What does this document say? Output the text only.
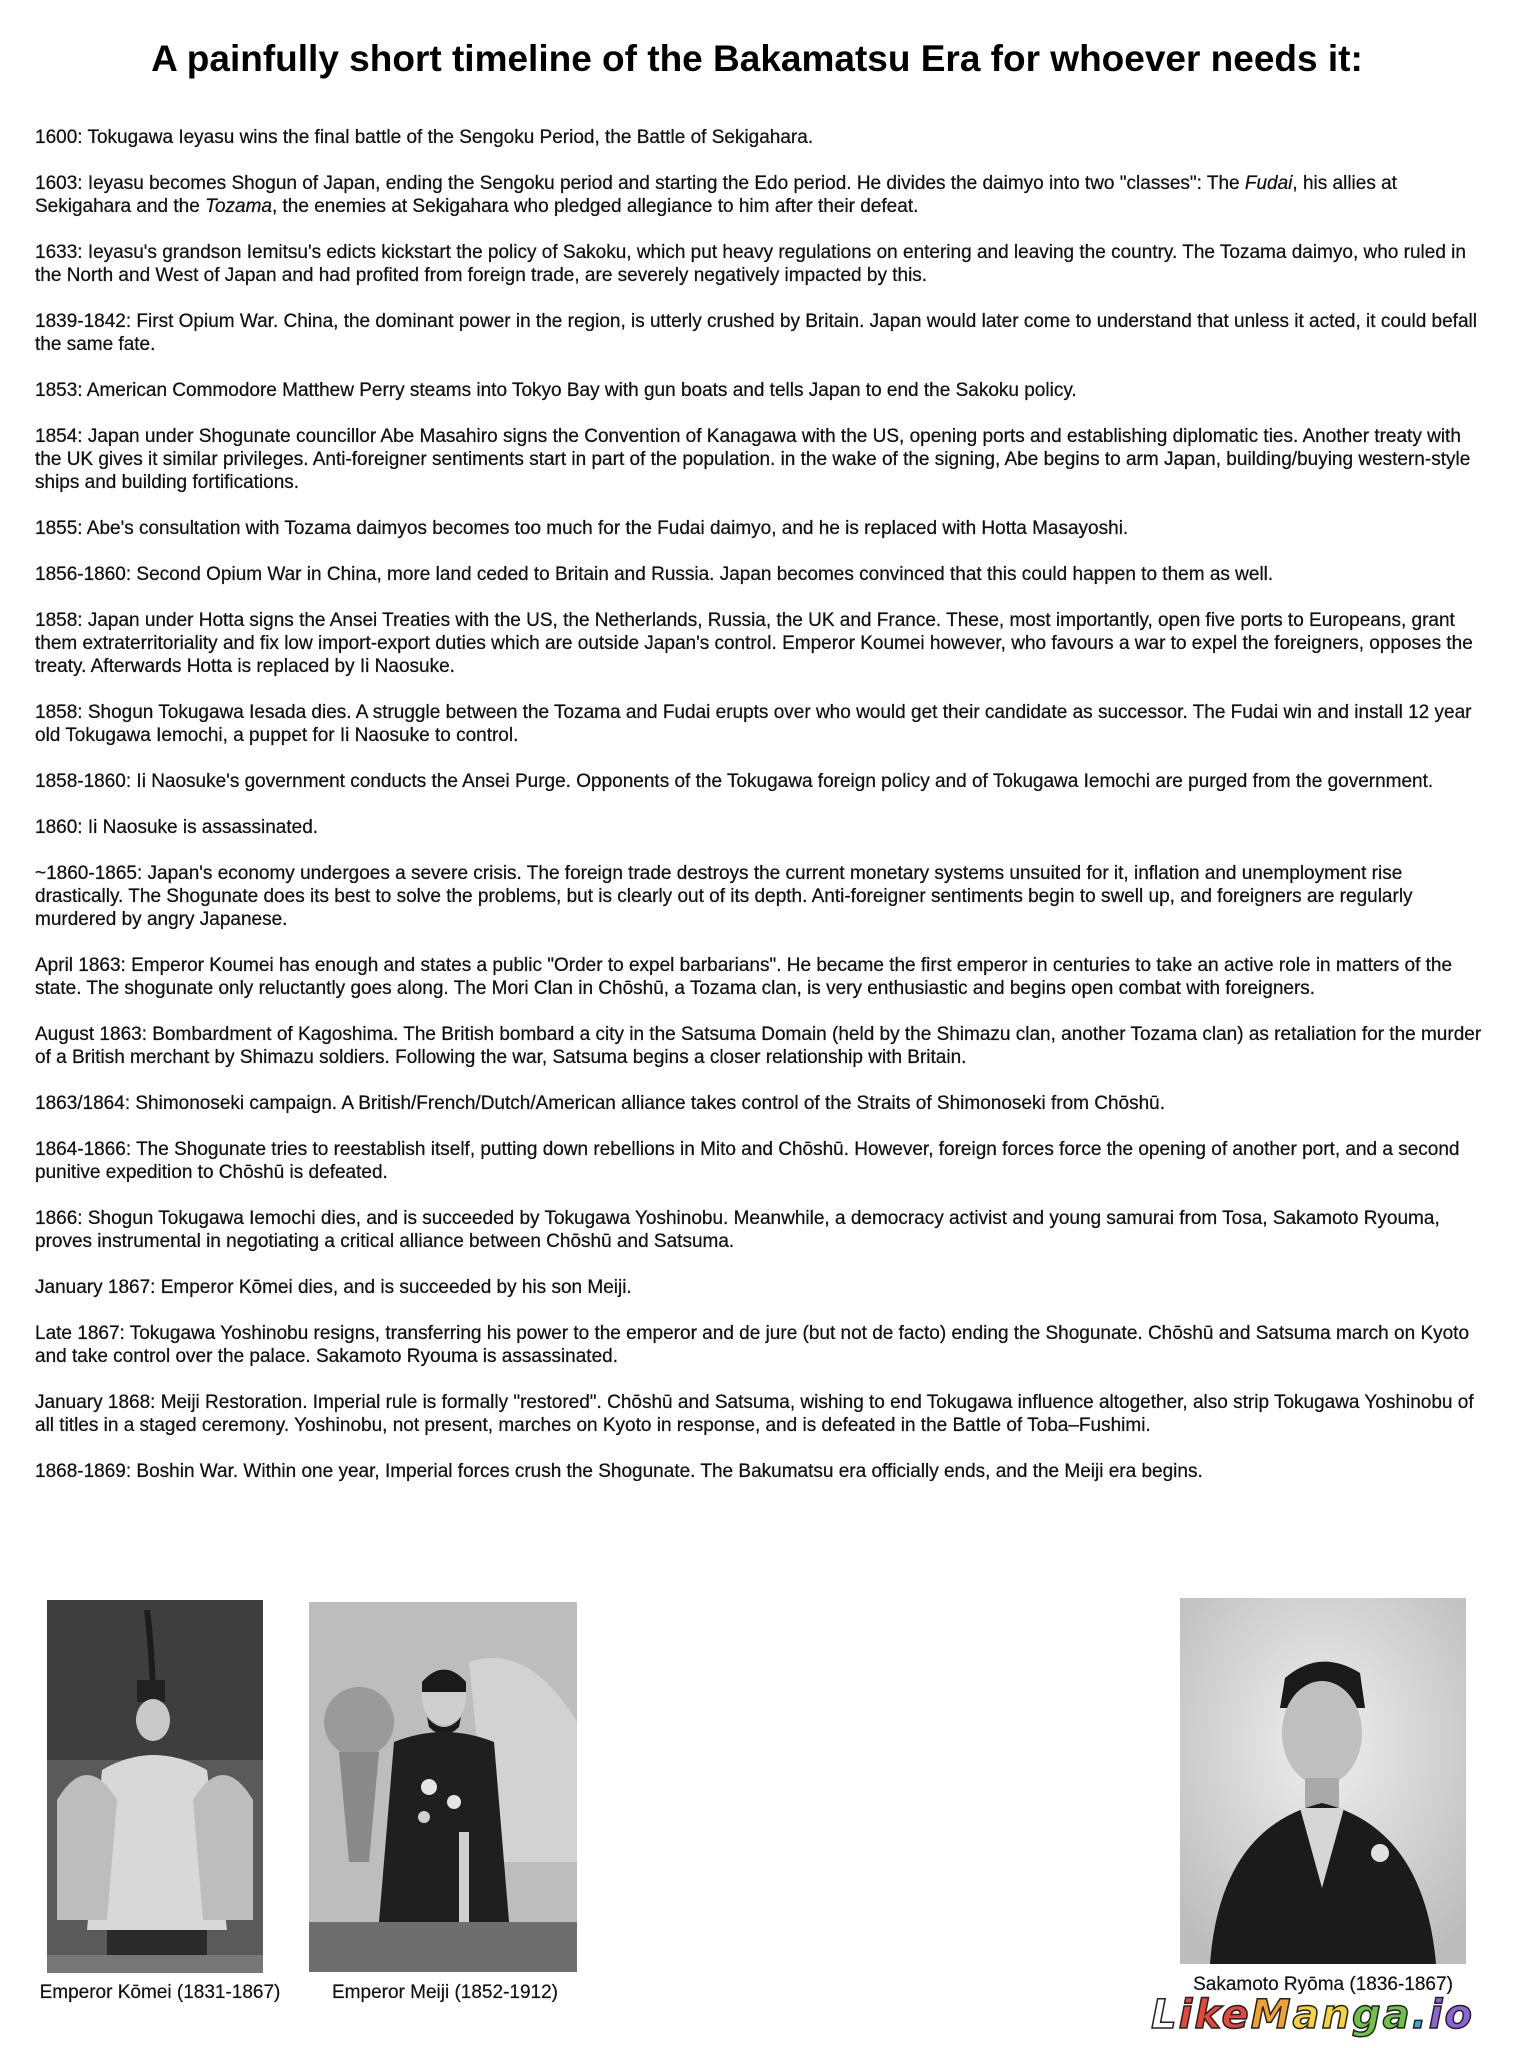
A painfully short timeline of the Bakamatsu Era for whoever needs it:

1600: Tokugawa Ieyasu wins the final battle of the Sengoku Period, the Battle of Sekigahara.

1603: Ieyasu becomes Shogun of Japan, ending the Sengoku period and starting the Edo period. He divides the daimyo into two "classes": The Fudai, his allies at Sekigahara and the Tozama, the enemies at Sekigahara who pledged allegiance to him after their defeat.

1633: Ieyasu's grandson Iemitsu's edicts kickstart the policy of Sakoku, which put heavy regulations on entering and leaving the country. The Tozama daimyo, who ruled in the North and West of Japan and had profited from foreign trade, are severely negatively impacted by this.

1839-1842: First Opium War. China, the dominant power in the region, is utterly crushed by Britain. Japan would later come to understand that unless it acted, it could befall the same fate.

1853: American Commodore Matthew Perry steams into Tokyo Bay with gun boats and tells Japan to end the Sakoku policy.

1854: Japan under Shogunate councillor Abe Masahiro signs the Convention of Kanagawa with the US, opening ports and establishing diplomatic ties. Another treaty with the UK gives it similar privileges. Anti-foreigner sentiments start in part of the population. in the wake of the signing, Abe begins to arm Japan, building/buying western-style ships and building fortifications.

1855: Abe's consultation with Tozama daimyos becomes too much for the Fudai daimyo, and he is replaced with Hotta Masayoshi.

1856-1860: Second Opium War in China, more land ceded to Britain and Russia. Japan becomes convinced that this could happen to them as well.

1858: Japan under Hotta signs the Ansei Treaties with the US, the Netherlands, Russia, the UK and France. These, most importantly, open five ports to Europeans, grant them extraterritoriality and fix low import-export duties which are outside Japan's control. Emperor Koumei however, who favours a war to expel the foreigners, opposes the treaty. Afterwards Hotta is replaced by Ii Naosuke.

1858: Shogun Tokugawa Iesada dies. A struggle between the Tozama and Fudai erupts over who would get their candidate as successor. The Fudai win and install 12 year old Tokugawa Iemochi, a puppet for Ii Naosuke to control.

1858-1860: Ii Naosuke's government conducts the Ansei Purge. Opponents of the Tokugawa foreign policy and of Tokugawa Iemochi are purged from the government.

1860: Ii Naosuke is assassinated.

~1860-1865: Japan's economy undergoes a severe crisis. The foreign trade destroys the current monetary systems unsuited for it, inflation and unemployment rise drastically. The Shogunate does its best to solve the problems, but is clearly out of its depth. Anti-foreigner sentiments begin to swell up, and foreigners are regularly murdered by angry Japanese.

April 1863: Emperor Koumei has enough and states a public "Order to expel barbarians". He became the first emperor in centuries to take an active role in matters of the state. The shogunate only reluctantly goes along. The Mori Clan in Chōshū, a Tozama clan, is very enthusiastic and begins open combat with foreigners.

August 1863: Bombardment of Kagoshima. The British bombard a city in the Satsuma Domain (held by the Shimazu clan, another Tozama clan) as retaliation for the murder of a British merchant by Shimazu soldiers. Following the war, Satsuma begins a closer relationship with Britain.

1863/1864: Shimonoseki campaign. A British/French/Dutch/American alliance takes control of the Straits of Shimonoseki from Chōshū.

1864-1866: The Shogunate tries to reestablish itself, putting down rebellions in Mito and Chōshū. However, foreign forces force the opening of another port, and a second punitive expedition to Chōshū is defeated.

1866: Shogun Tokugawa Iemochi dies, and is succeeded by Tokugawa Yoshinobu. Meanwhile, a democracy activist and young samurai from Tosa, Sakamoto Ryouma, proves instrumental in negotiating a critical alliance between Chōshū and Satsuma.

January 1867: Emperor Kōmei dies, and is succeeded by his son Meiji.

Late 1867: Tokugawa Yoshinobu resigns, transferring his power to the emperor and de jure (but not de facto) ending the Shogunate. Chōshū and Satsuma march on Kyoto and take control over the palace. Sakamoto Ryouma is assassinated.

January 1868: Meiji Restoration. Imperial rule is formally "restored". Chōshū and Satsuma, wishing to end Tokugawa influence altogether, also strip Tokugawa Yoshinobu of all titles in a staged ceremony. Yoshinobu, not present, marches on Kyoto in response, and is defeated in the Battle of Toba–Fushimi.

1868-1869: Boshin War. Within one year, Imperial forces crush the Shogunate. The Bakumatsu era officially ends, and the Meiji era begins.

Emperor Kōmei (1831-1867)	Emperor Meiji (1852-1912)	Sakamoto Ryōma (1836-1867)
LikeManga.io
